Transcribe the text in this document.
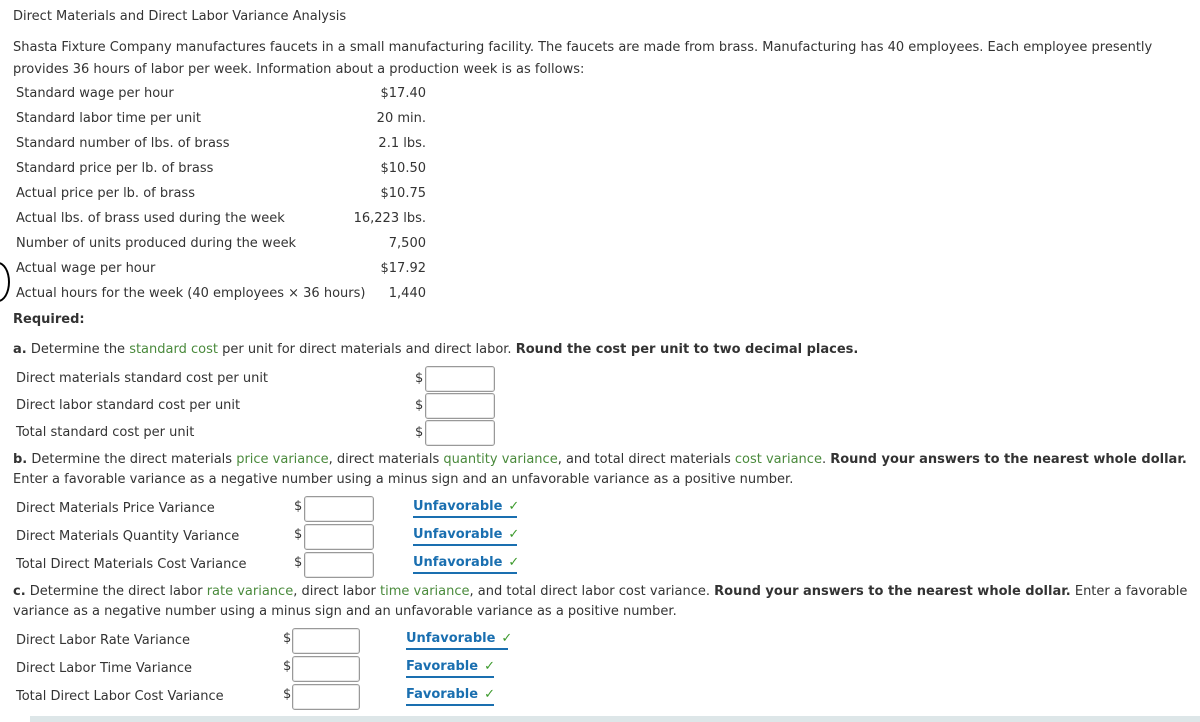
Direct Materials and Direct Labor Variance Analysis
Shasta Fixture Company manufactures faucets in a small manufacturing facility. The faucets are made from brass. Manufacturing has 40 employees. Each employee presently provides 36 hours of labor per week. Information about a production week is as follows:
Standard wage per hour	$17.40
Standard labor time per unit	20 min.
Standard number of lbs. of brass	2.1 lbs.
Standard price per lb. of brass	$10.50
Actual price per lb. of brass	$10.75
Actual lbs. of brass used during the week	16,223 lbs.
Number of units produced during the week	7,500
Actual wage per hour	$17.92
Actual hours for the week (40 employees × 36 hours) 1,440
Required:
a. Determine the standard cost per unit for direct materials and direct labor. Round the cost per unit to two decimal places.
Direct materials standard cost per unit	$
Direct labor standard cost per unit	$
Total standard cost per unit	$
b. Determine the direct materials price variance, direct materials quantity variance, and total direct materials cost variance. Round your answers to the nearest whole dollar. Enter a favorable variance as a negative number using a minus sign and an unfavorable variance as a positive number.
Direct Materials Price Variance	$	Unfavorable ✓
Direct Materials Quantity Variance	$	Unfavorable ✓
Total Direct Materials Cost Variance	$	Unfavorable ✓
c. Determine the direct labor rate variance, direct labor time variance, and total direct labor cost variance. Round your answers to the nearest whole dollar. Enter a favorable variance as a negative number using a minus sign and an unfavorable variance as a positive number.
Direct Labor Rate Variance	$	Unfavorable ✓
Direct Labor Time Variance	$	Favorable ✓
Total Direct Labor Cost Variance	$	Favorable ✓
